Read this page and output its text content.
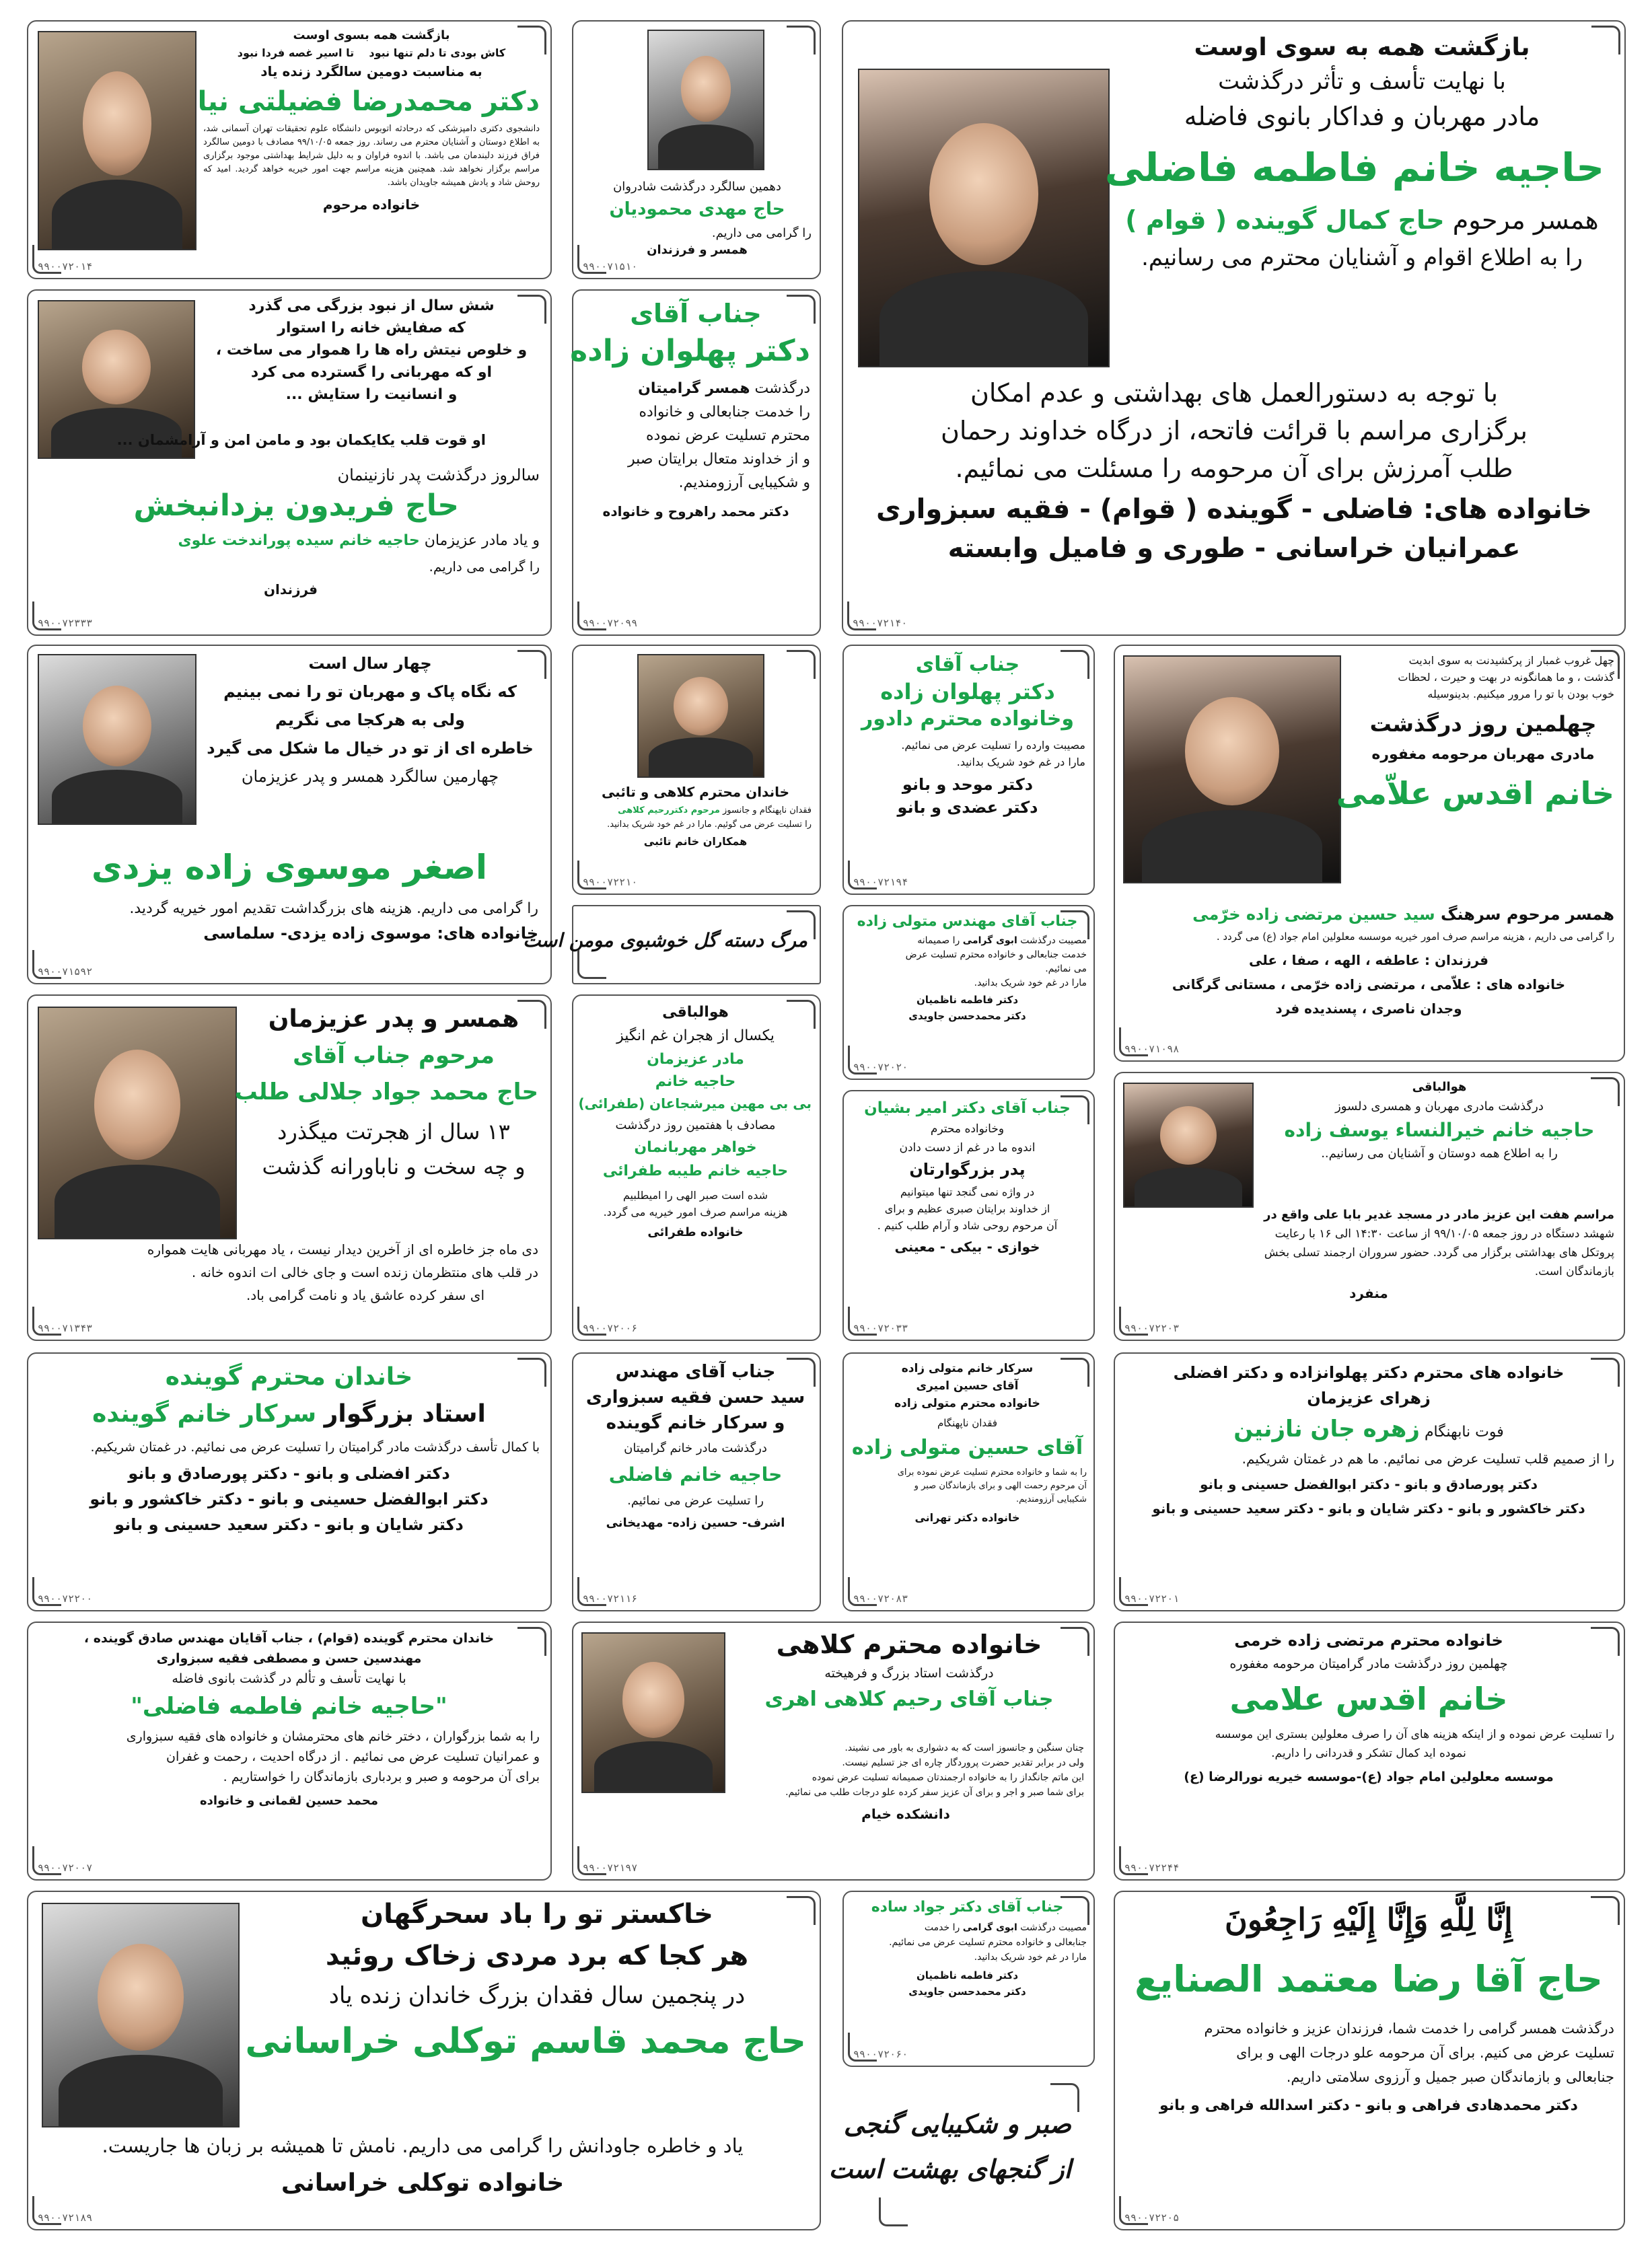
بازگشت همه به سوی اوست
با نهایت تأسف و تأثر درگذشت
مادر مهربان و فداکار بانوی فاضله
حاجیه خانم فاطمه فاضلی
همسر مرحوم حاج کمال گوینده ( قوام )
را به اطلاع اقوام و آشنایان محترم می رسانیم.
با توجه به دستورالعمل های بهداشتی و عدم امکان
برگزاری مراسم با قرائت فاتحه، از درگاه خداوند رحمان
طلب آمرزش برای آن مرحومه را مسئلت می نمائیم.
خانواده های: فاضلی - گوینده ( قوام) - فقیه سبزواری
عمرانیان خراسانی - طوری و فامیل وابسته
۹۹۰۰۷۲۱۴۰
دهمین سالگرد درگذشت شادروان
حاج مهدی محمودیان
را گرامی می داریم.
همسر و فرزندان
۹۹۰۰۷۱۵۱۰
بازگشت همه بسوی اوست
کاش بودی تا دلم تنها نبود    تا اسیر غصه فردا نبود
به مناسبت دومین سالگرد زنده یاد
دکتر محمدرضا فضیلتی نیا
دانشجوی دکتری دامپزشکی که درحادثه اتوبوس دانشگاه علوم تحقیقات تهران آسمانی شد، به اطلاع دوستان و آشنایان محترم می رساند. روز جمعه ۹۹/۱۰/۰۵ مصادف با دومین سالگرد فراق فرزند دلبندمان می باشد. با اندوه فراوان و به دلیل شرایط بهداشتی موجود برگزاری مراسم برگزار نخواهد شد. همچنین هزینه مراسم جهت امور خیریه خواهد گردید. امید که روحش شاد و یادش همیشه جاویدان باشد.
خانواده مرحوم
۹۹۰۰۷۲۰۱۴
جناب آقای
دکتر پهلوان زاده
درگذشت همسر گرامیتان
را خدمت جنابعالی و خانواده
محترم تسلیت عرض نموده
و از خداوند متعال برایتان صبر
و شکیبایی آرزومندیم.
دکتر محمد راهروح و خانواده
۹۹۰۰۷۲۰۹۹
شش سال از نبود بزرگی می گذرد
که صفایش خانه را استوار
و خلوص نیتش راه ها را هموار می ساخت ،
او که مهربانی را گسترده می کرد
و انسانیت را ستایش ...
او قوت قلب یکایکمان بود و مامن امن و آرامشمان ...
سالروز درگذشت پدر نازنینمان
حاج فریدون یزدانبخش
و یاد مادر عزیزمان حاجیه خانم سیده پوراندخت علوی
را گرامی می داریم.
فرزندان
۹۹۰۰۷۲۳۳۳
چهل غروب غمبار از پرکشیدنت به سوی ابدیت
گذشت ، و ما همانگونه در بهت و حیرت ، لحظات
خوب بودن با تو را مرور میکنیم. بدینوسیله
چهلمین روز درگذشت
مادری مهربان مرحومه مغفوره
خانم اقدس علاّمی
همسر مرحوم سرهنگ سید حسین مرتضی زاده خرّمی
را گرامی می داریم ، هزینه مراسم صرف امور خیریه موسسه معلولین امام جواد (ع) می گردد .
فرزندان : عاطفه ، الهه ، صفا ، علی
خانواده های : علاّمی ، مرتضی زاده خرّمی ، مستانی گرگانی
وجدان ناصری ، پسندیده فرد
۹۹۰۰۷۱۰۹۸
جناب آقای
دکتر پهلوان زاده
وخانواده محترم دادور
مصیبت وارده را تسلیت عرض می نمائیم.
مارا در غم خود شریک بدانید.
دکتر موحد و بانو
دکتر عضدی و بانو
۹۹۰۰۷۲۱۹۴
خاندان محترم کلاهی و تائبی
فقدان ناپهنگام و جانسوز مرحوم دکتررحیم کلاهی
را تسلیت عرض می گوئیم. مارا در غم خود شریک بدانید.
همکاران خانم تائبی
۹۹۰۰۷۲۲۱۰
چهار سال است
که نگاه پاک و مهربان تو را نمی بینیم
ولی به هرکجا می نگریم
خاطره ای از تو در خیال ما شکل می گیرد
چهارمین سالگرد همسر و پدر عزیزمان
اصغر موسوی زاده یزدی
را گرامی می داریم. هزینه های بزرگداشت تقدیم امور خیریه گردید.
خانواده های: موسوی زاده یزدی- سلماسی
۹۹۰۰۷۱۵۹۲
مرگ دسته گل خوشبوی مومن است
جناب آقای مهندس متولی زاده
مصیبت درگذشت ابوی گرامی را صمیمانه
خدمت جنابعالی و خانواده محترم تسلیت عرض
می نمائیم.
مارا در غم خود شریک بدانید.
دکتر فاطمه ناظمیان
دکتر محمدحسن جاویدی
۹۹۰۰۷۲۰۲۰
همسر و پدر عزیزمان
مرحوم جناب آقای
حاج محمد جواد جلالی طلب
۱۳ سال از هجرتت میگذرد
و چه سخت و ناباورانه گذشت
دی ماه جز خاطره ای از آخرین دیدار نیست ، یاد مهربانی هایت همواره
در قلب های منتظرمان زنده است و جای خالی ات اندوه خانه .
ای سفر کرده عاشق یاد و نامت گرامی باد.
۹۹۰۰۷۱۳۴۳
هوالباقی
یکسال از هجران غم انگیز
مادر عزیزمان
حاجیه خانم
بی بی مهین میرشجاعان (طفرائی)
مصادف با هفتمین روز درگذشت
خواهر مهربانمان
حاجیه خانم طیبه طفرائی
شده است صبر الهی را امیطلبیم
هزینه مراسم صرف امور خیریه می گردد.
خانواده طفرائی
۹۹۰۰۷۲۰۰۶
جناب آقای دکتر امیر بشیان
وخانواده محترم
اندوه ما در غم از دست دادن
پدر بزرگوارتان
در واژه نمی گنجد تنها میتوانیم
از خداوند برایتان صبری عظیم و برای
آن مرحوم روحی شاد و آرام طلب کنیم .
خوازی - بیکی - معینی
۹۹۰۰۷۲۰۳۳
هوالباقی
درگذشت مادری مهربان و همسری دلسوز
حاجیه خانم خیرالنساء یوسف زاده
را به اطلاع همه دوستان و آشنایان می رسانیم..
مراسم هفت این عزیز مادر در مسجد غدیر بابا علی واقع در
شهشد دستگاه در روز جمعه ۹۹/۱۰/۰۵ از ساعت ۱۴:۳۰ الی ۱۶ با رعایت
پروتکل های بهداشتی برگزار می گردد. حضور سروران ارجمند تسلی بخش
بازماندگان است.
منفرد
۹۹۰۰۷۲۲۰۳
خاندان محترم گوینده
استاد بزرگوار سرکار خانم گوینده
با کمال تأسف درگذشت مادر گرامیتان را تسلیت عرض می نمائیم. در غمتان شریکیم.
دکتر افضلی و بانو - دکتر پورصادق و بانو
دکتر ابوالفضل حسینی و بانو - دکتر خاکشور و بانو
دکتر شایان و بانو - دکتر سعید حسینی و بانو
۹۹۰۰۷۲۲۰۰
جناب آقای مهندس
سید حسن فقیه سبزواری
و سرکار خانم گوینده
درگذشت مادر خانم گرامیتان
حاجیه خانم فاضلی
را تسلیت عرض می نمائیم.
اشرف- حسین زاده- مهدیخانی
۹۹۰۰۷۲۱۱۶
سرکار خانم متولی زاده
آقای حسین امیری
خانواده محترم متولی زاده
فقدان ناپهنگام
آقای حسین متولی زاده
را به شما و خانواده محترم تسلیت عرض نموده برای
آن مرحوم رحمت الهی و برای بازماندگان صبر و
شکیبایی آرزومندیم.
خانواده دکتر تهرانی
۹۹۰۰۷۲۰۸۳
خانواده های محترم دکتر پهلوانزاده و دکتر افضلی
زهرای عزیزمان
فوت نابهنگام زهره جان نازنین
را از صمیم قلب تسلیت عرض می نمائیم. ما هم در غمتان شریکیم.
دکتر پورصادق و بانو - دکتر ابوالفضل حسینی و بانو
دکتر خاکشور و بانو - دکتر شایان و بانو - دکتر سعید حسینی و بانو
۹۹۰۰۷۲۲۰۱
خاندان محترم گوینده (قوام) ، جناب آقایان مهندس صادق گوینده ،
مهندسین حسن و مصطفی فقیه سبزواری
با نهایت تأسف و تألم در گذشت بانوی فاضله
"حاجیه خانم فاطمه فاضلی"
را به شما بزرگواران ، دختر خانم های محترمشان و خانواده های فقیه سبزواری
و عمرانیان تسلیت عرض می نمائیم . از درگاه احدیت ، رحمت و غفران
برای آن مرحومه و صبر و بردباری بازماندگان را خواستاریم .
محمد حسین لقمانی و خانواده
۹۹۰۰۷۲۰۰۷
خانواده محترم کلاهی
درگذشت استاد بزرگ و فرهیخته
جناب آقای رحیم کلاهی اهری
چنان سنگین و جانسوز است که به دشواری به باور می نشیند.
ولی در برابر تقدیر حضرت پروردگار چاره ای جز تسلیم نیست.
این ماتم جانگداز را به خانواده ارجمندتان صمیمانه تسلیت عرض نموده
برای شما صبر و اجر و برای آن عزیز سفر کرده علو درجات طلب می نمائیم.
دانشکده خیام
۹۹۰۰۷۲۱۹۷
خانواده محترم مرتضی زاده خرمی
چهلمین روز درگذشت مادر گرامیتان مرحومه مغفوره
خانم اقدس علامی
را تسلیت عرض نموده و از اینکه هزینه های آن را صرف معلولین بستری این موسسه
نموده اید کمال تشکر و قدردانی را داریم.
موسسه معلولین امام جواد (ع)-موسسه خیریه نورالرضا (ع)
۹۹۰۰۷۲۲۴۴
خاکستر تو را باد سحرگهان
هر کجا که برد مردی زخاک روئید
در پنجمین سال فقدان بزرگ خاندان زنده یاد
حاج محمد قاسم توکلی خراسانی
یاد و خاطره جاودانش را گرامی می داریم. نامش تا همیشه بر زبان ها جاریست.
خانواده توکلی خراسانی
۹۹۰۰۷۲۱۸۹
جناب آقای دکتر جواد ساده
مصیبت درگذشت ابوی گرامی را خدمت
جنابعالی و خانواده محترم تسلیت عرض می نمائیم.
مارا در غم خود شریک بدانید.
دکتر فاطمه ناظمیان
دکتر محمدحسن جاویدی
۹۹۰۰۷۲۰۶۰
صبر و شکیبایی گنجی
از گنجهای بهشت است
إِنَّا لِلَّهِ وَإِنَّا إِلَيْهِ رَاجِعُونَ
حاج آقا رضا معتمد الصنایع
درگذشت همسر گرامی را خدمت شما، فرزندان عزیز و خانواده محترم
تسلیت عرض می کنیم. برای آن مرحومه علو درجات الهی و برای
جنابعالی و بازماندگان صبر جمیل و آرزوی سلامتی داریم.
دکتر محمدهادی فراهی و بانو - دکتر اسدالله فراهی و بانو
۹۹۰۰۷۲۲۰۵
